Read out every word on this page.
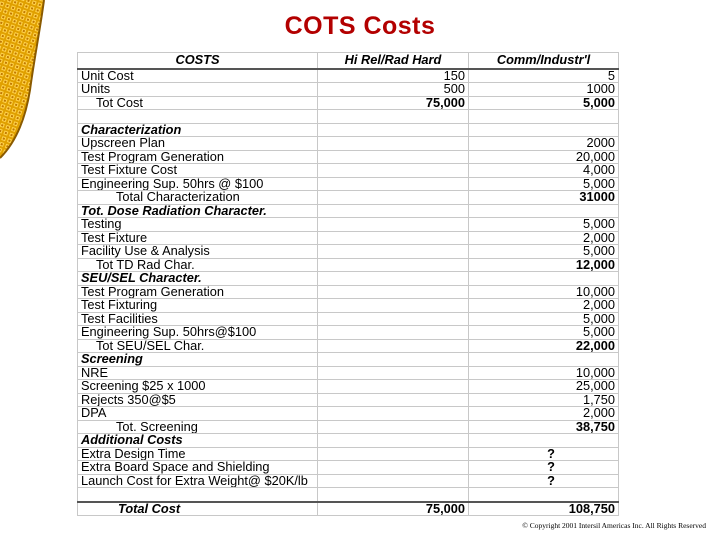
COTS Costs
COSTS	Hi Rel/Rad Hard	Comm/Industr'l
Unit Cost	150	5
Units	500	1000
Tot Cost	75,000	5,000

Characterization		
Upscreen Plan		2000
Test Program Generation		20,000
Test Fixture Cost		4,000
Engineering Sup. 50hrs @ $100		5,000
Total Characterization		31000
Tot. Dose Radiation Character.		
Testing		5,000
Test Fixture		2,000
Facility Use & Analysis		5,000
Tot TD Rad Char.		12,000
SEU/SEL Character.		
Test Program Generation		10,000
Test Fixturing		2,000
Test Facilities		5,000
Engineering Sup. 50hrs@$100		5,000
Tot SEU/SEL Char.		22,000
Screening		
NRE		10,000
Screening $25 x 1000		25,000
Rejects 350@$5		1,750
DPA		2,000
Tot. Screening		38,750
Additional Costs		
Extra Design Time		?
Extra Board Space and Shielding		?
Launch Cost for Extra Weight@ $20K/lb		?

Total Cost	75,000	108,750
© Copyright 2001 Intersil Americas Inc. All Rights Reserved
